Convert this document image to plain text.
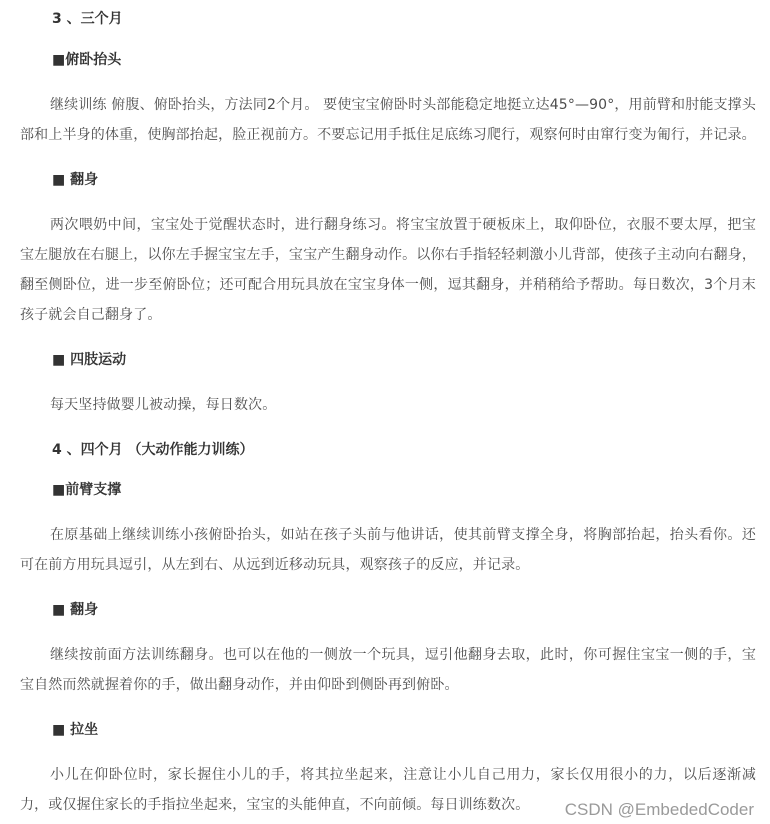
3 、三个月

■俯卧抬头

继续训练 俯腹、俯卧抬头，方法同2个月。 要使宝宝俯卧时头部能稳定地挺立达45°—90°，用前臂和肘能支撑头部和上半身的体重，使胸部抬起，脸正视前方。不要忘记用手抵住足底练习爬行，观察何时由窜行变为匍行，并记录。

■ 翻身

两次喂奶中间，宝宝处于觉醒状态时，进行翻身练习。将宝宝放置于硬板床上，取仰卧位，衣服不要太厚，把宝宝左腿放在右腿上，以你左手握宝宝左手，宝宝产生翻身动作。以你右手指轻轻刺激小儿背部，使孩子主动向右翻身，翻至侧卧位，进一步至俯卧位；还可配合用玩具放在宝宝身体一侧，逗其翻身，并稍稍给予帮助。每日数次，3个月末孩子就会自己翻身了。

■ 四肢运动

每天坚持做婴儿被动操，每日数次。

4 、四个月 （大动作能力训练）

■前臂支撑

在原基础上继续训练小孩俯卧抬头，如站在孩子头前与他讲话，使其前臂支撑全身，将胸部抬起，抬头看你。还可在前方用玩具逗引，从左到右、从远到近移动玩具，观察孩子的反应，并记录。

■ 翻身

继续按前面方法训练翻身。也可以在他的一侧放一个玩具，逗引他翻身去取，此时，你可握住宝宝一侧的手，宝宝自然而然就握着你的手，做出翻身动作，并由仰卧到侧卧再到俯卧。

■ 拉坐

小儿在仰卧位时，家长握住小儿的手，将其拉坐起来，注意让小儿自己用力，家长仅用很小的力，以后逐渐减力，或仅握住家长的手指拉坐起来，宝宝的头能伸直，不向前倾。每日训练数次。	CSDN @EmbededCoder
